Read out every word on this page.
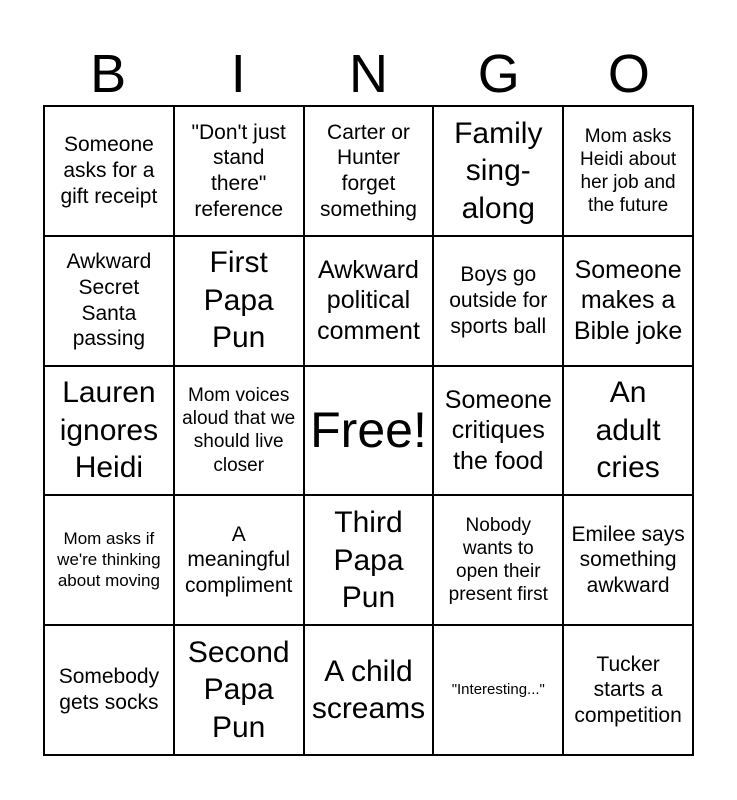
B	I	N	G	O
Someone asks for a gift receipt
"Don't just stand there" reference
Carter or Hunter forget something
Family sing-along
Mom asks Heidi about her job and the future
Awkward Secret Santa passing
First Papa Pun
Awkward political comment
Boys go outside for sports ball
Someone makes a Bible joke
Lauren ignores Heidi
Mom voices aloud that we should live closer
Free!
Someone critiques the food
An adult cries
Mom asks if we're thinking about moving
A meaningful compliment
Third Papa Pun
Nobody wants to open their present first
Emilee says something awkward
Somebody gets socks
Second Papa Pun
A child screams
"Interesting..."
Tucker starts a competition
